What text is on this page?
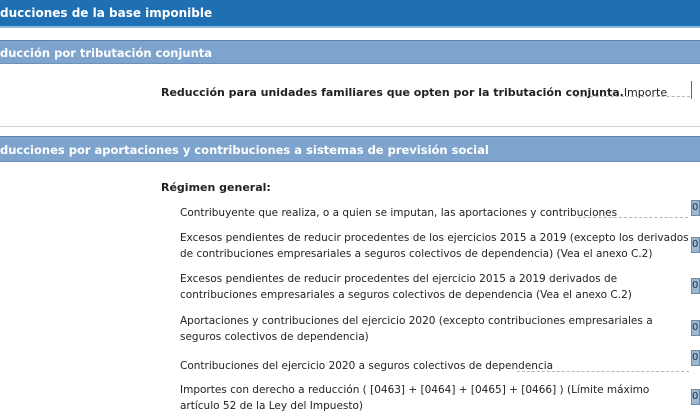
ducciones de la base imponible
ducción por tributación conjunta
Reducción para unidades familiares que opten por la tributación conjunta.Importe
ducciones por aportaciones y contribuciones a sistemas de previsión social
Régimen general:
Contribuyente que realiza, o a quien se imputan, las aportaciones y contribuciones	0
Excesos pendientes de reducir procedentes de los ejercicios 2015 a 2019 (excepto los derivados de contribuciones empresariales a seguros colectivos de dependencia) (Vea el anexo C.2)
0
Excesos pendientes de reducir procedentes del ejercicio 2015 a 2019 derivados de contribuciones empresariales a seguros colectivos de dependencia (Vea el anexo C.2)
0
Aportaciones y contribuciones del ejercicio 2020 (excepto contribuciones empresariales a seguros colectivos de dependencia)
0
Contribuciones del ejercicio 2020 a seguros colectivos de dependencia
0
Importes con derecho a reducción ( [0463] + [0464] + [0465] + [0466] ) (Límite máximo artículo 52 de la Ley del Impuesto)
0
